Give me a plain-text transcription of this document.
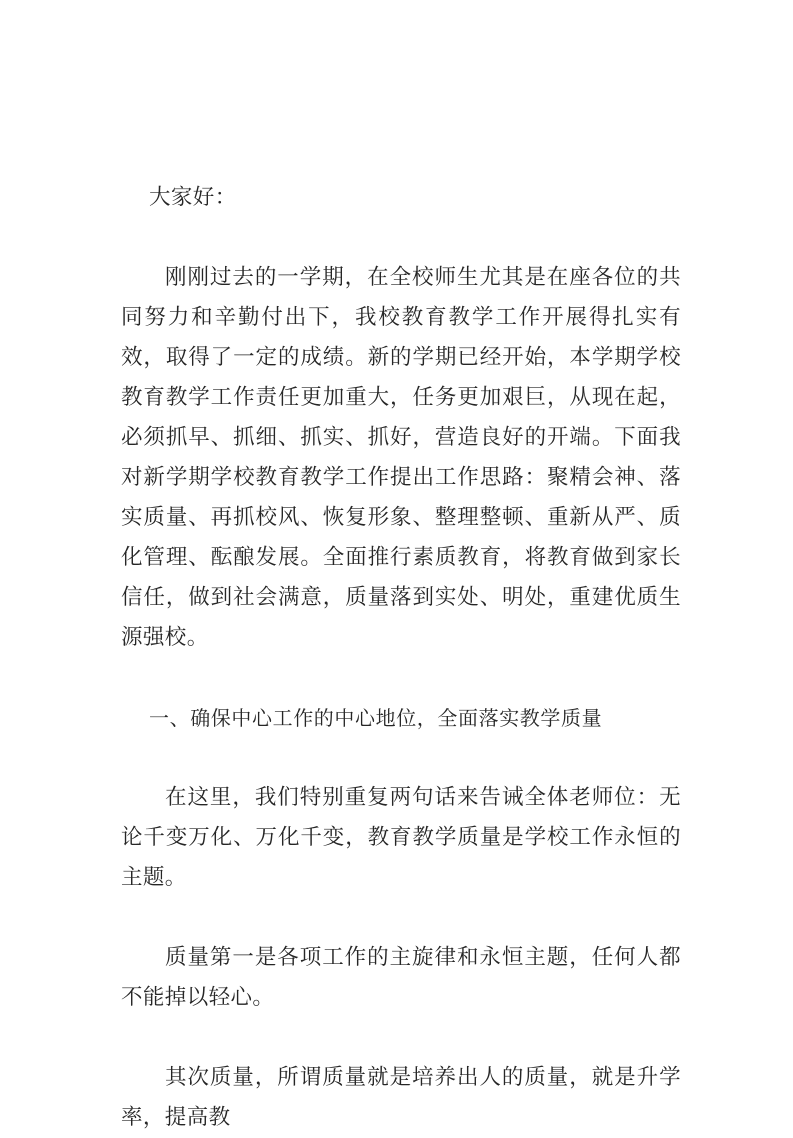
大家好：

刚刚过去的一学期，在全校师生尤其是在座各位的共同努力和辛勤付出下，我校教育教学工作开展得扎实有效，取得了一定的成绩。新的学期已经开始，本学期学校教育教学工作责任更加重大，任务更加艰巨，从现在起，必须抓早、抓细、抓实、抓好，营造良好的开端。下面我对新学期学校教育教学工作提出工作思路：聚精会神、落实质量、再抓校风、恢复形象、整理整顿、重新从严、质化管理、酝酿发展。全面推行素质教育，将教育做到家长信任，做到社会满意，质量落到实处、明处，重建优质生源强校。

一、确保中心工作的中心地位，全面落实教学质量

在这里，我们特别重复两句话来告诫全体老师位：无论千变万化、万化千变，教育教学质量是学校工作永恒的主题。

质量第一是各项工作的主旋律和永恒主题，任何人都不能掉以轻心。

其次质量，所谓质量就是培养出人的质量，就是升学率，提高教
